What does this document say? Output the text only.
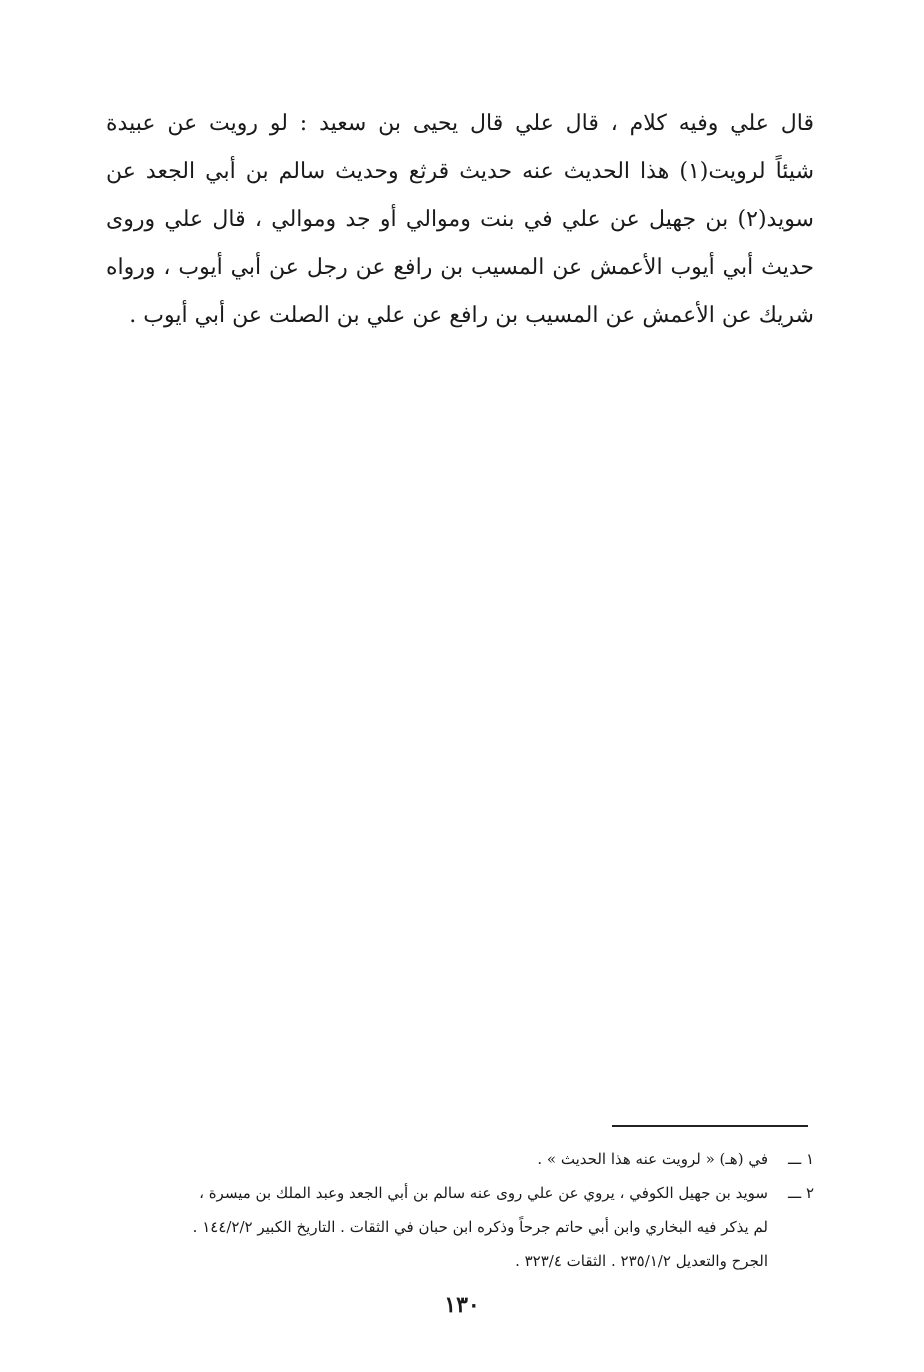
قال علي وفيه كلام ، قال علي قال يحيى بن سعيد : لو رويت عن عبيدة
شيئاً لرويت(١) هذا الحديث عنه حديث قرثع وحديث سالم بن أبي الجعد عن
سويد(٢) بن جهيل عن علي في بنت وموالي أو جد وموالي ، قال علي وروى
حديث أبي أيوب الأعمش عن المسيب بن رافع عن رجل عن أبي أيوب ، ورواه
شريك عن الأعمش عن المسيب بن رافع عن علي بن الصلت عن أبي أيوب .
١ ـــفي (هـ) « لرويت عنه هذا الحديث » .
٢ ـــسويد بن جهيل الكوفي ، يروي عن علي روى عنه سالم بن أبي الجعد وعبد الملك بن ميسرة ،
لم يذكر فيه البخاري وابن أبي حاتم جرحاً وذكره ابن حبان في الثقات . التاريخ الكبير ١٤٤/٢/٢ .
الجرح والتعديل ٢٣٥/١/٢ . الثقات ٣٢٣/٤ .
١٣٠
